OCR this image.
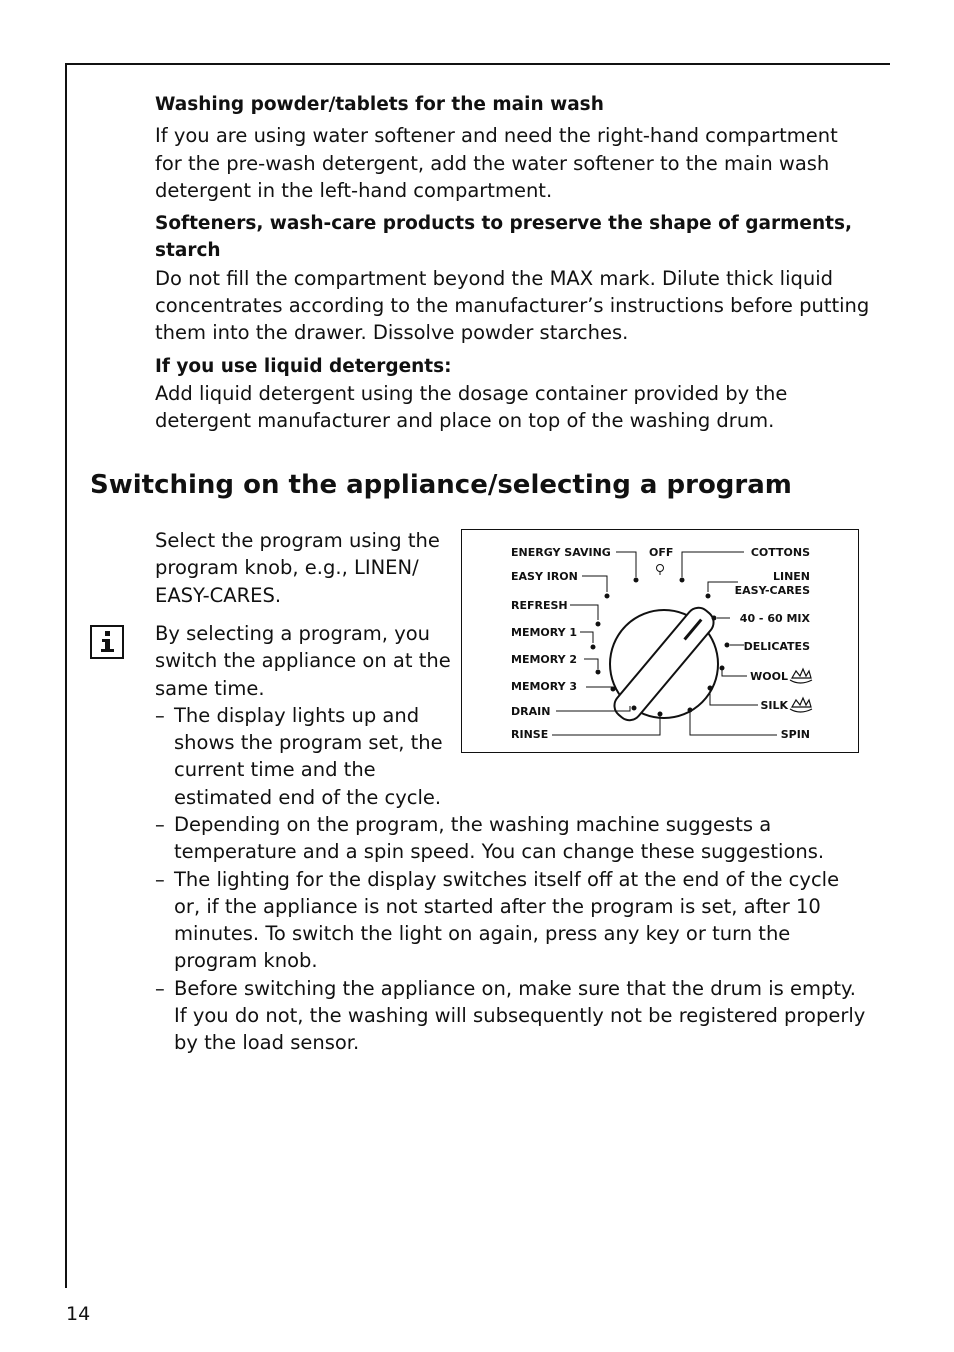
Washing powder/tablets for the main wash

If you are using water softener and need the right-hand compartment for the pre-wash detergent, add the water softener to the main wash detergent in the left-hand compartment.

Softeners, wash-care products to preserve the shape of garments, starch

Do not fill the compartment beyond the MAX mark. Dilute thick liquid concentrates according to the manufacturer’s instructions before putting them into the drawer. Dissolve powder starches.

If you use liquid detergents:

Add liquid detergent using the dosage container provided by the detergent manufacturer and place on top of the washing drum.

Switching on the appliance/selecting a program

Select the program using the program knob, e.g., LINEN/ EASY-CARES.

By selecting a program, you switch the appliance on at the same time.

– The display lights up and shows the program set, the current time and the estimated end of the cycle.
– Depending on the program, the washing machine suggests a temperature and a spin speed. You can change these suggestions.
– The lighting for the display switches itself off at the end of the cycle or, if the appliance is not started after the program is set, after 10 minutes. To switch the light on again, press any key or turn the program knob.
– Before switching the appliance on, make sure that the drum is empty. If you do not, the washing will subsequently not be registered properly by the load sensor.
ENERGY SAVING
EASY IRON
REFRESH
MEMORY 1
MEMORY 2
MEMORY 3
DRAIN
RINSE
OFF	COTTONS
LINEN
EASY-CARES
40 - 60 MIX
DELICATES
WOOL
SILK
SPIN
14
